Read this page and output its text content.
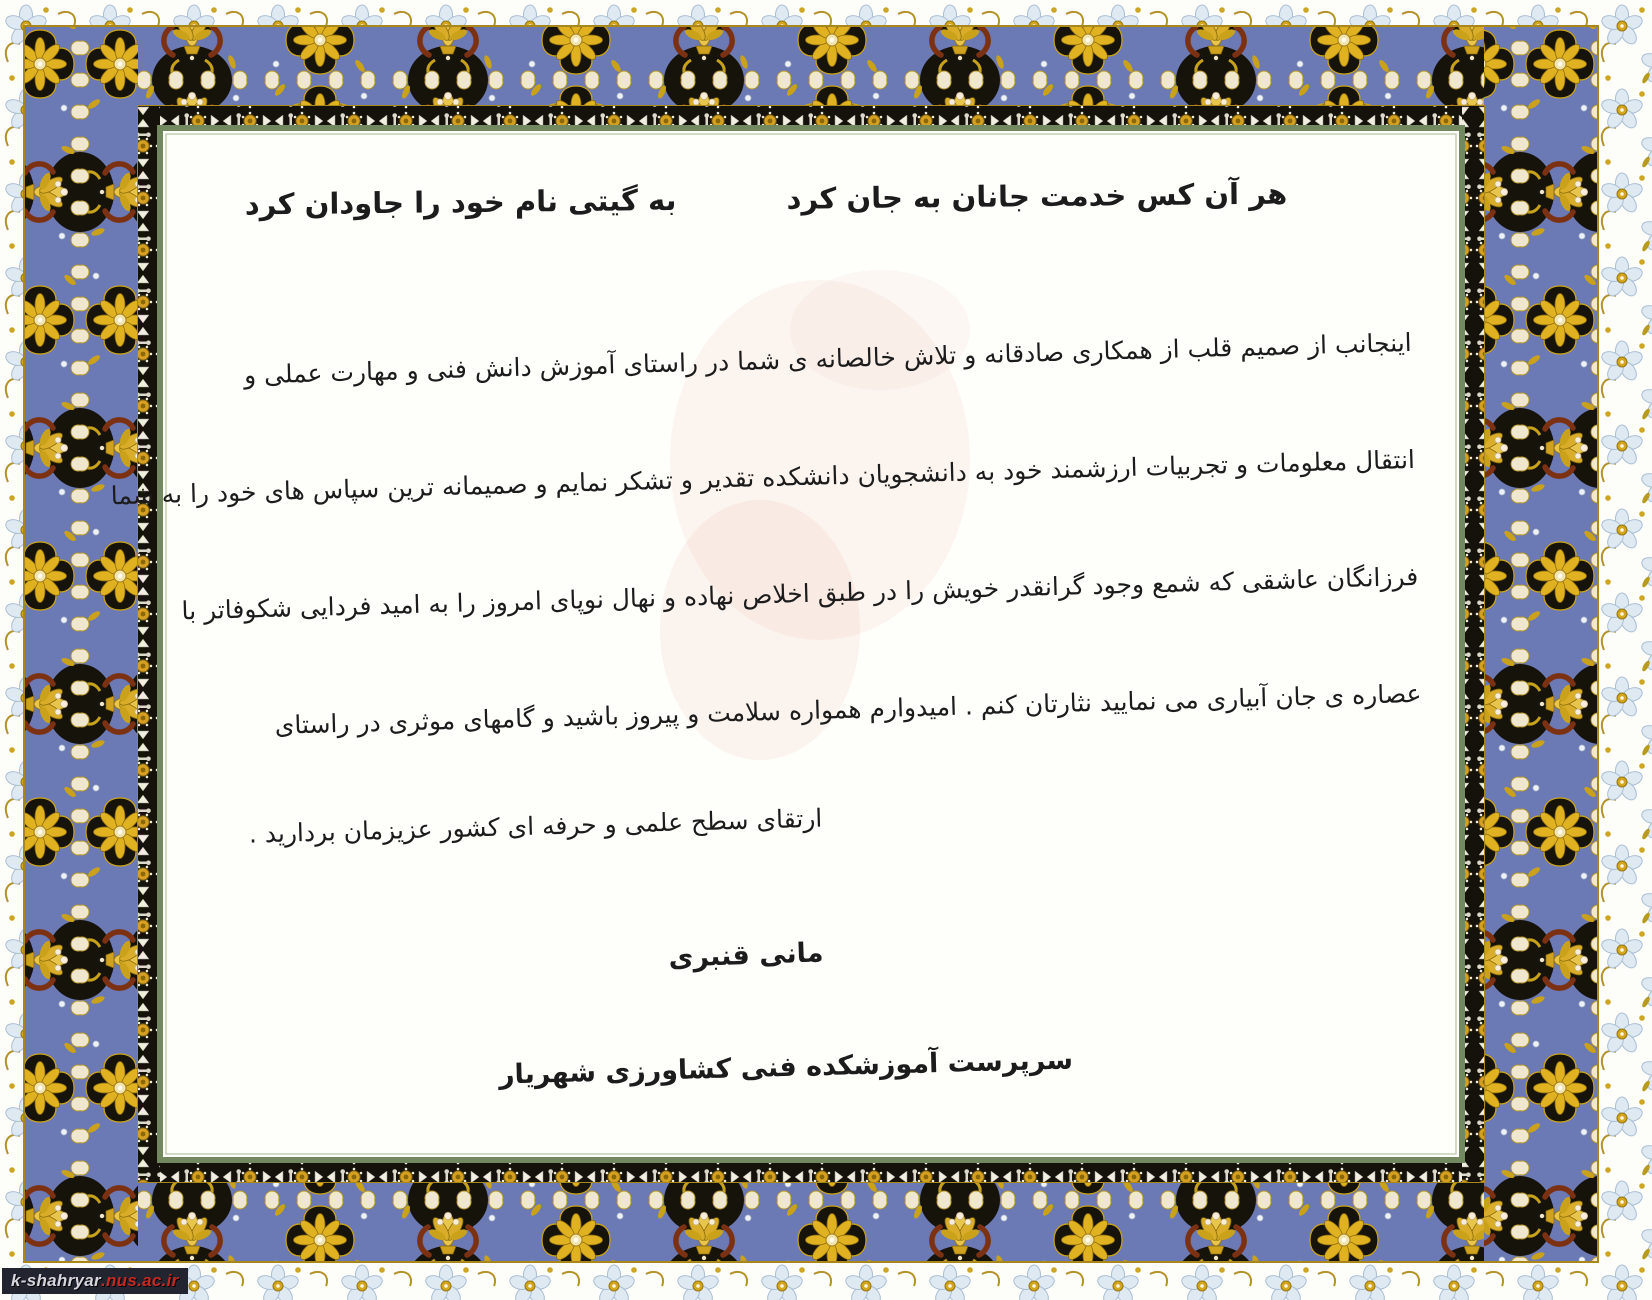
هر آن کس خدمت جانان به جان کرد
به گیتی نام خود را جاودان کرد
اینجانب از صمیم قلب از همکاری صادقانه و تلاش خالصانه ی شما در راستای آموزش دانش فنی و مهارت عملی و
انتقال معلومات و تجربیات ارزشمند خود به دانشجویان دانشکده تقدیر و تشکر نمایم و صمیمانه ترین سپاس های خود را به شما
فرزانگان عاشقی که شمع وجود گرانقدر خویش را در طبق اخلاص نهاده و نهال نوپای امروز را به امید فردایی شکوفاتر با
عصاره ی جان آبیاری می نمایید نثارتان کنم . امیدوارم همواره سلامت و پیروز باشید و گامهای موثری در راستای
ارتقای سطح علمی و حرفه ای کشور عزیزمان بردارید .
مانی قنبری
سرپرست آموزشکده فنی کشاورزی شهریار
k-shahryar .nus.ac.ir
